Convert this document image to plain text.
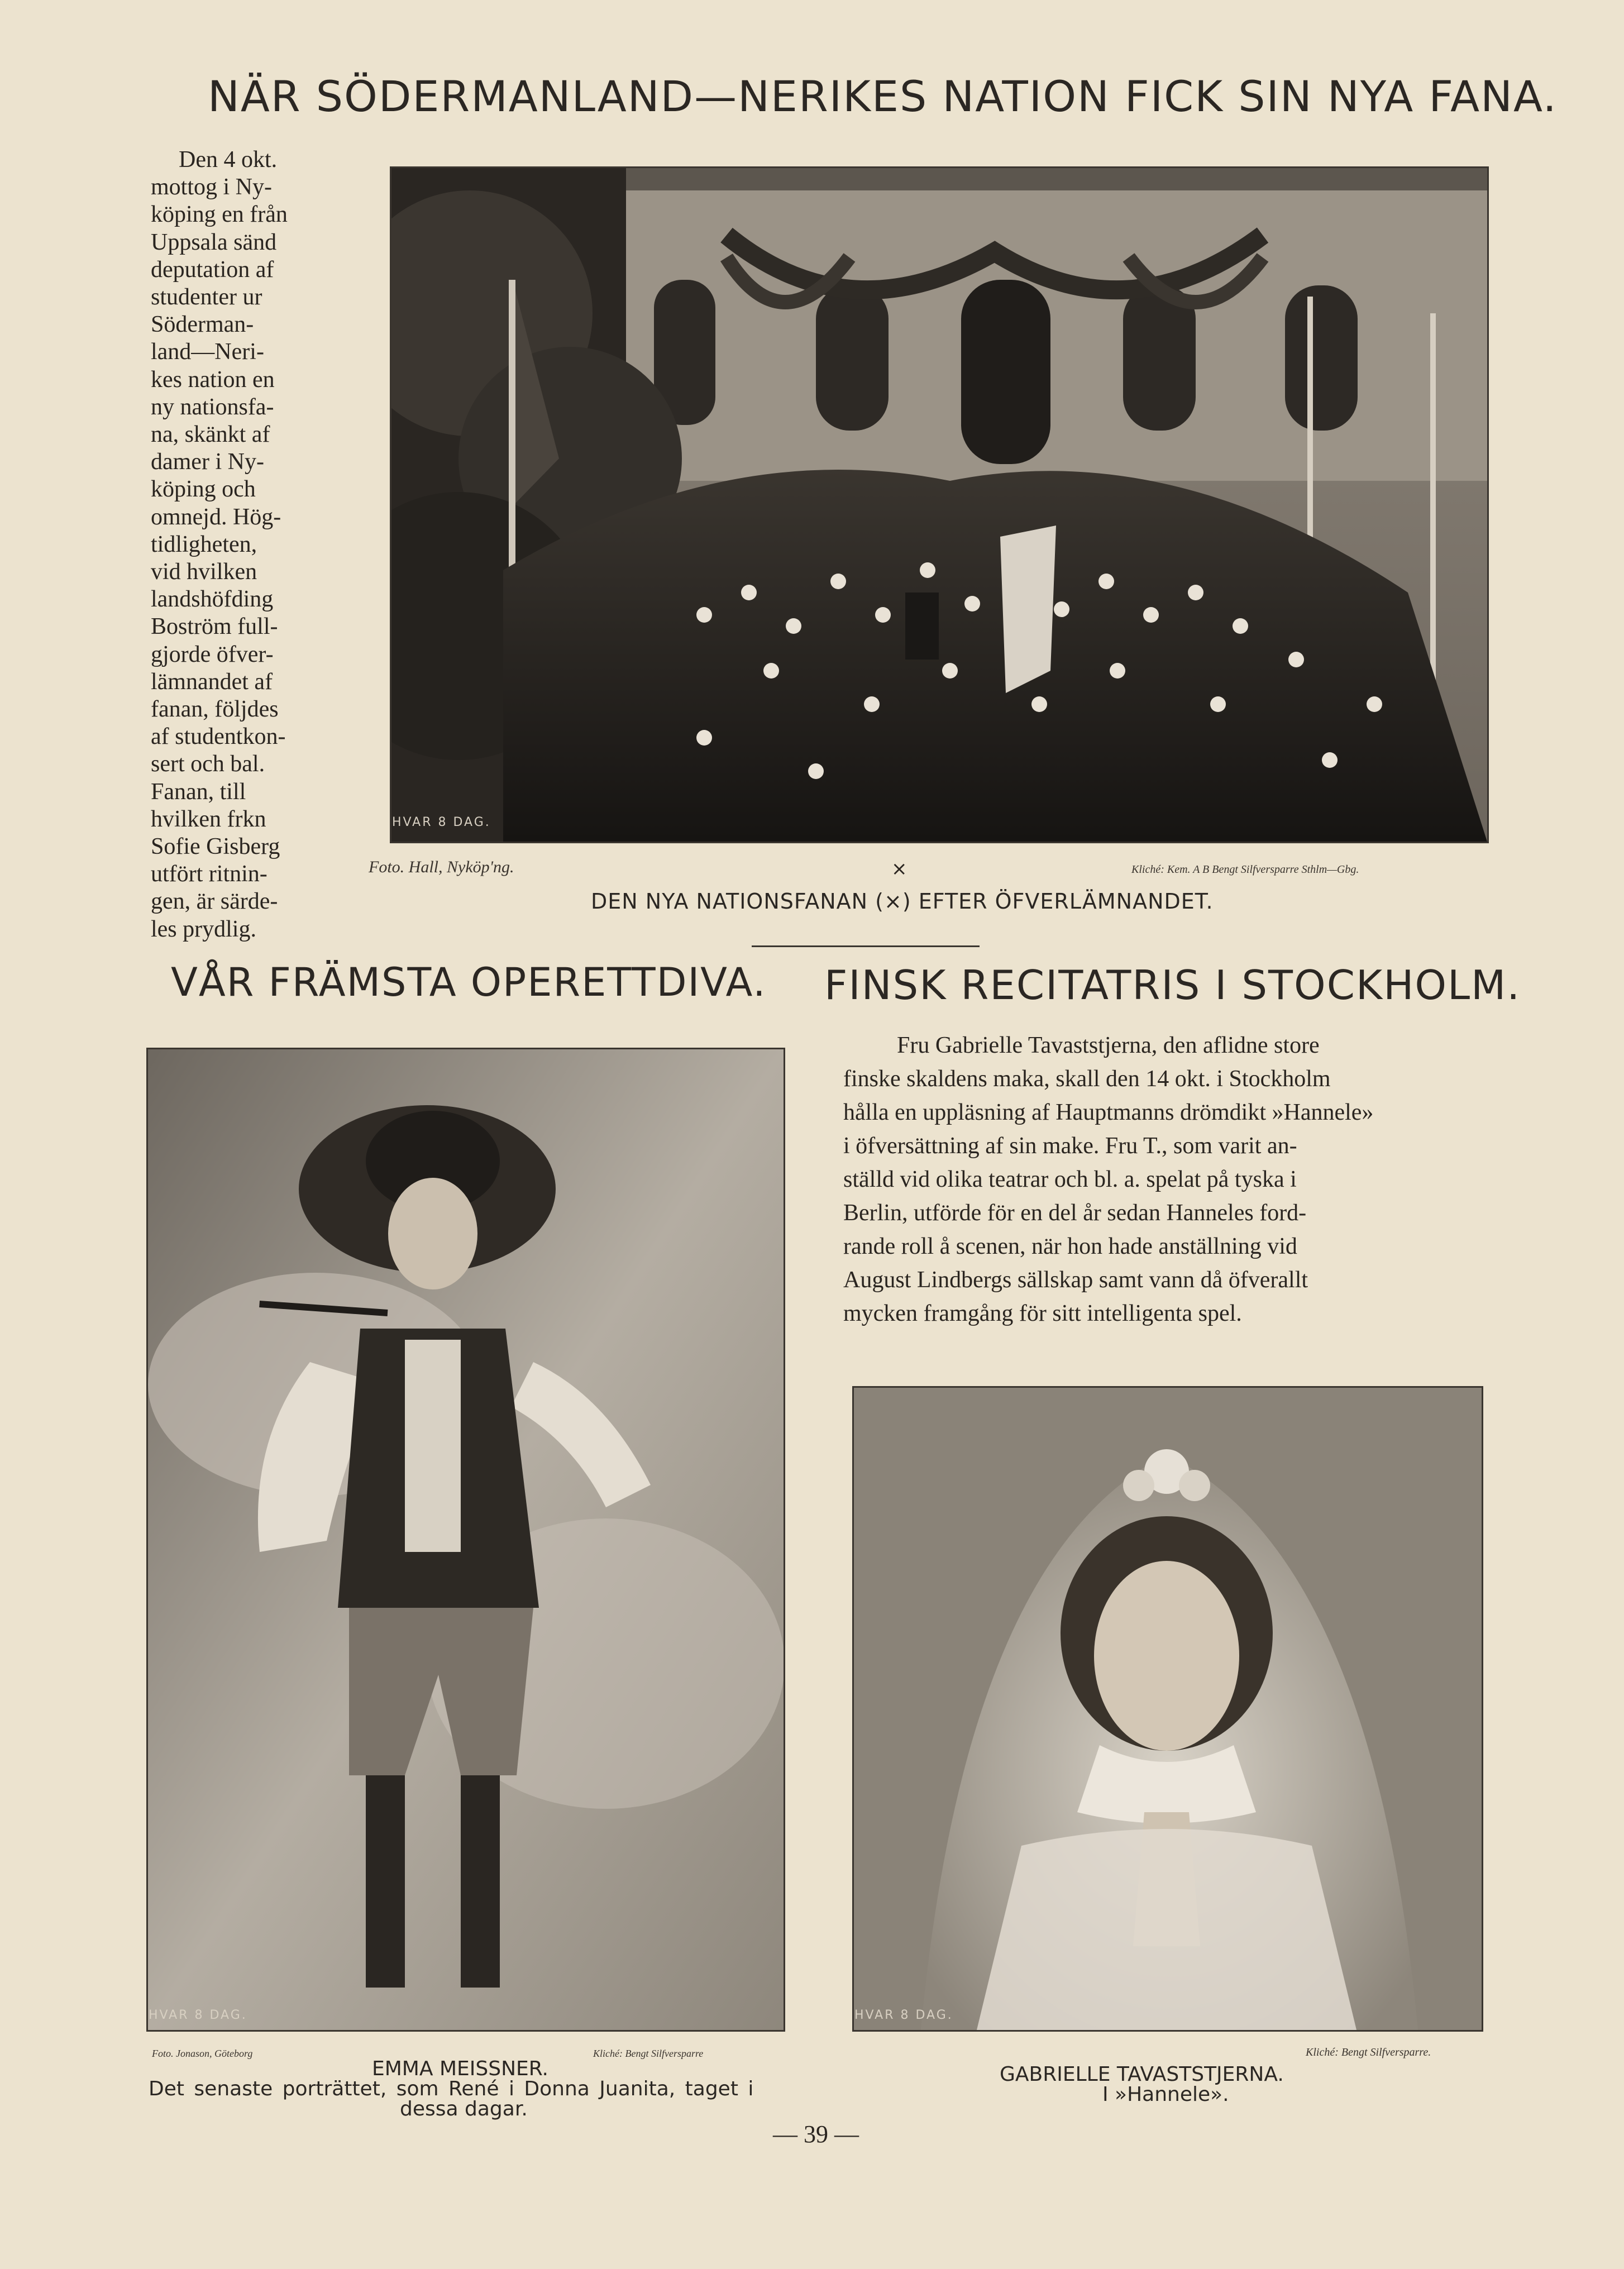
NÄR SÖDERMANLAND—NERIKES NATION FICK SIN NYA FANA.
Den 4 okt.
mottog i Ny-
köping en från
Uppsala sänd
deputation af
studenter ur
Söderman-
land—Neri-
kes nation en
ny nationsfa-
na, skänkt af
damer i Ny-
köping och
omnejd. Hög-
tidligheten,
vid hvilken
landshöfding
Boström full-
gjorde öfver-
lämnandet af
fanan, följdes
af studentkon-
sert och bal.
Fanan, till
hvilken frkn
Sofie Gisberg
utfört ritnin-
gen, är särde-
les prydlig.
HVAR 8 DAG.
Foto. Hall, Nyköp'ng.	×	Kliché: Kem. A B Bengt Silfversparre Sthlm—Gbg.
DEN NYA NATIONSFANAN (×) EFTER ÖFVERLÄMNANDET.
VÅR FRÄMSTA OPERETTDIVA.
HVAR 8 DAG.
Foto. Jonason, Göteborg	Kliché: Bengt Silfversparre
EMMA MEISSNER.
Det senaste porträttet, som René i Donna Juanita, taget i
dessa dagar.
FINSK RECITATRIS I STOCKHOLM.
Fru Gabrielle Tavaststjerna, den aflidne store
finske skaldens maka, skall den 14 okt. i Stockholm
hålla en uppläsning af Hauptmanns drömdikt »Hannele»
i öfversättning af sin make. Fru T., som varit an-
ställd vid olika teatrar och bl. a. spelat på tyska i
Berlin, utförde för en del år sedan Hanneles ford-
rande roll å scenen, när hon hade anställning vid
August Lindbergs sällskap samt vann då öfverallt
mycken framgång för sitt intelligenta spel.
HVAR 8 DAG.
Kliché: Bengt Silfversparre.
GABRIELLE TAVASTSTJERNA.
I »Hannele».
— 39 —
